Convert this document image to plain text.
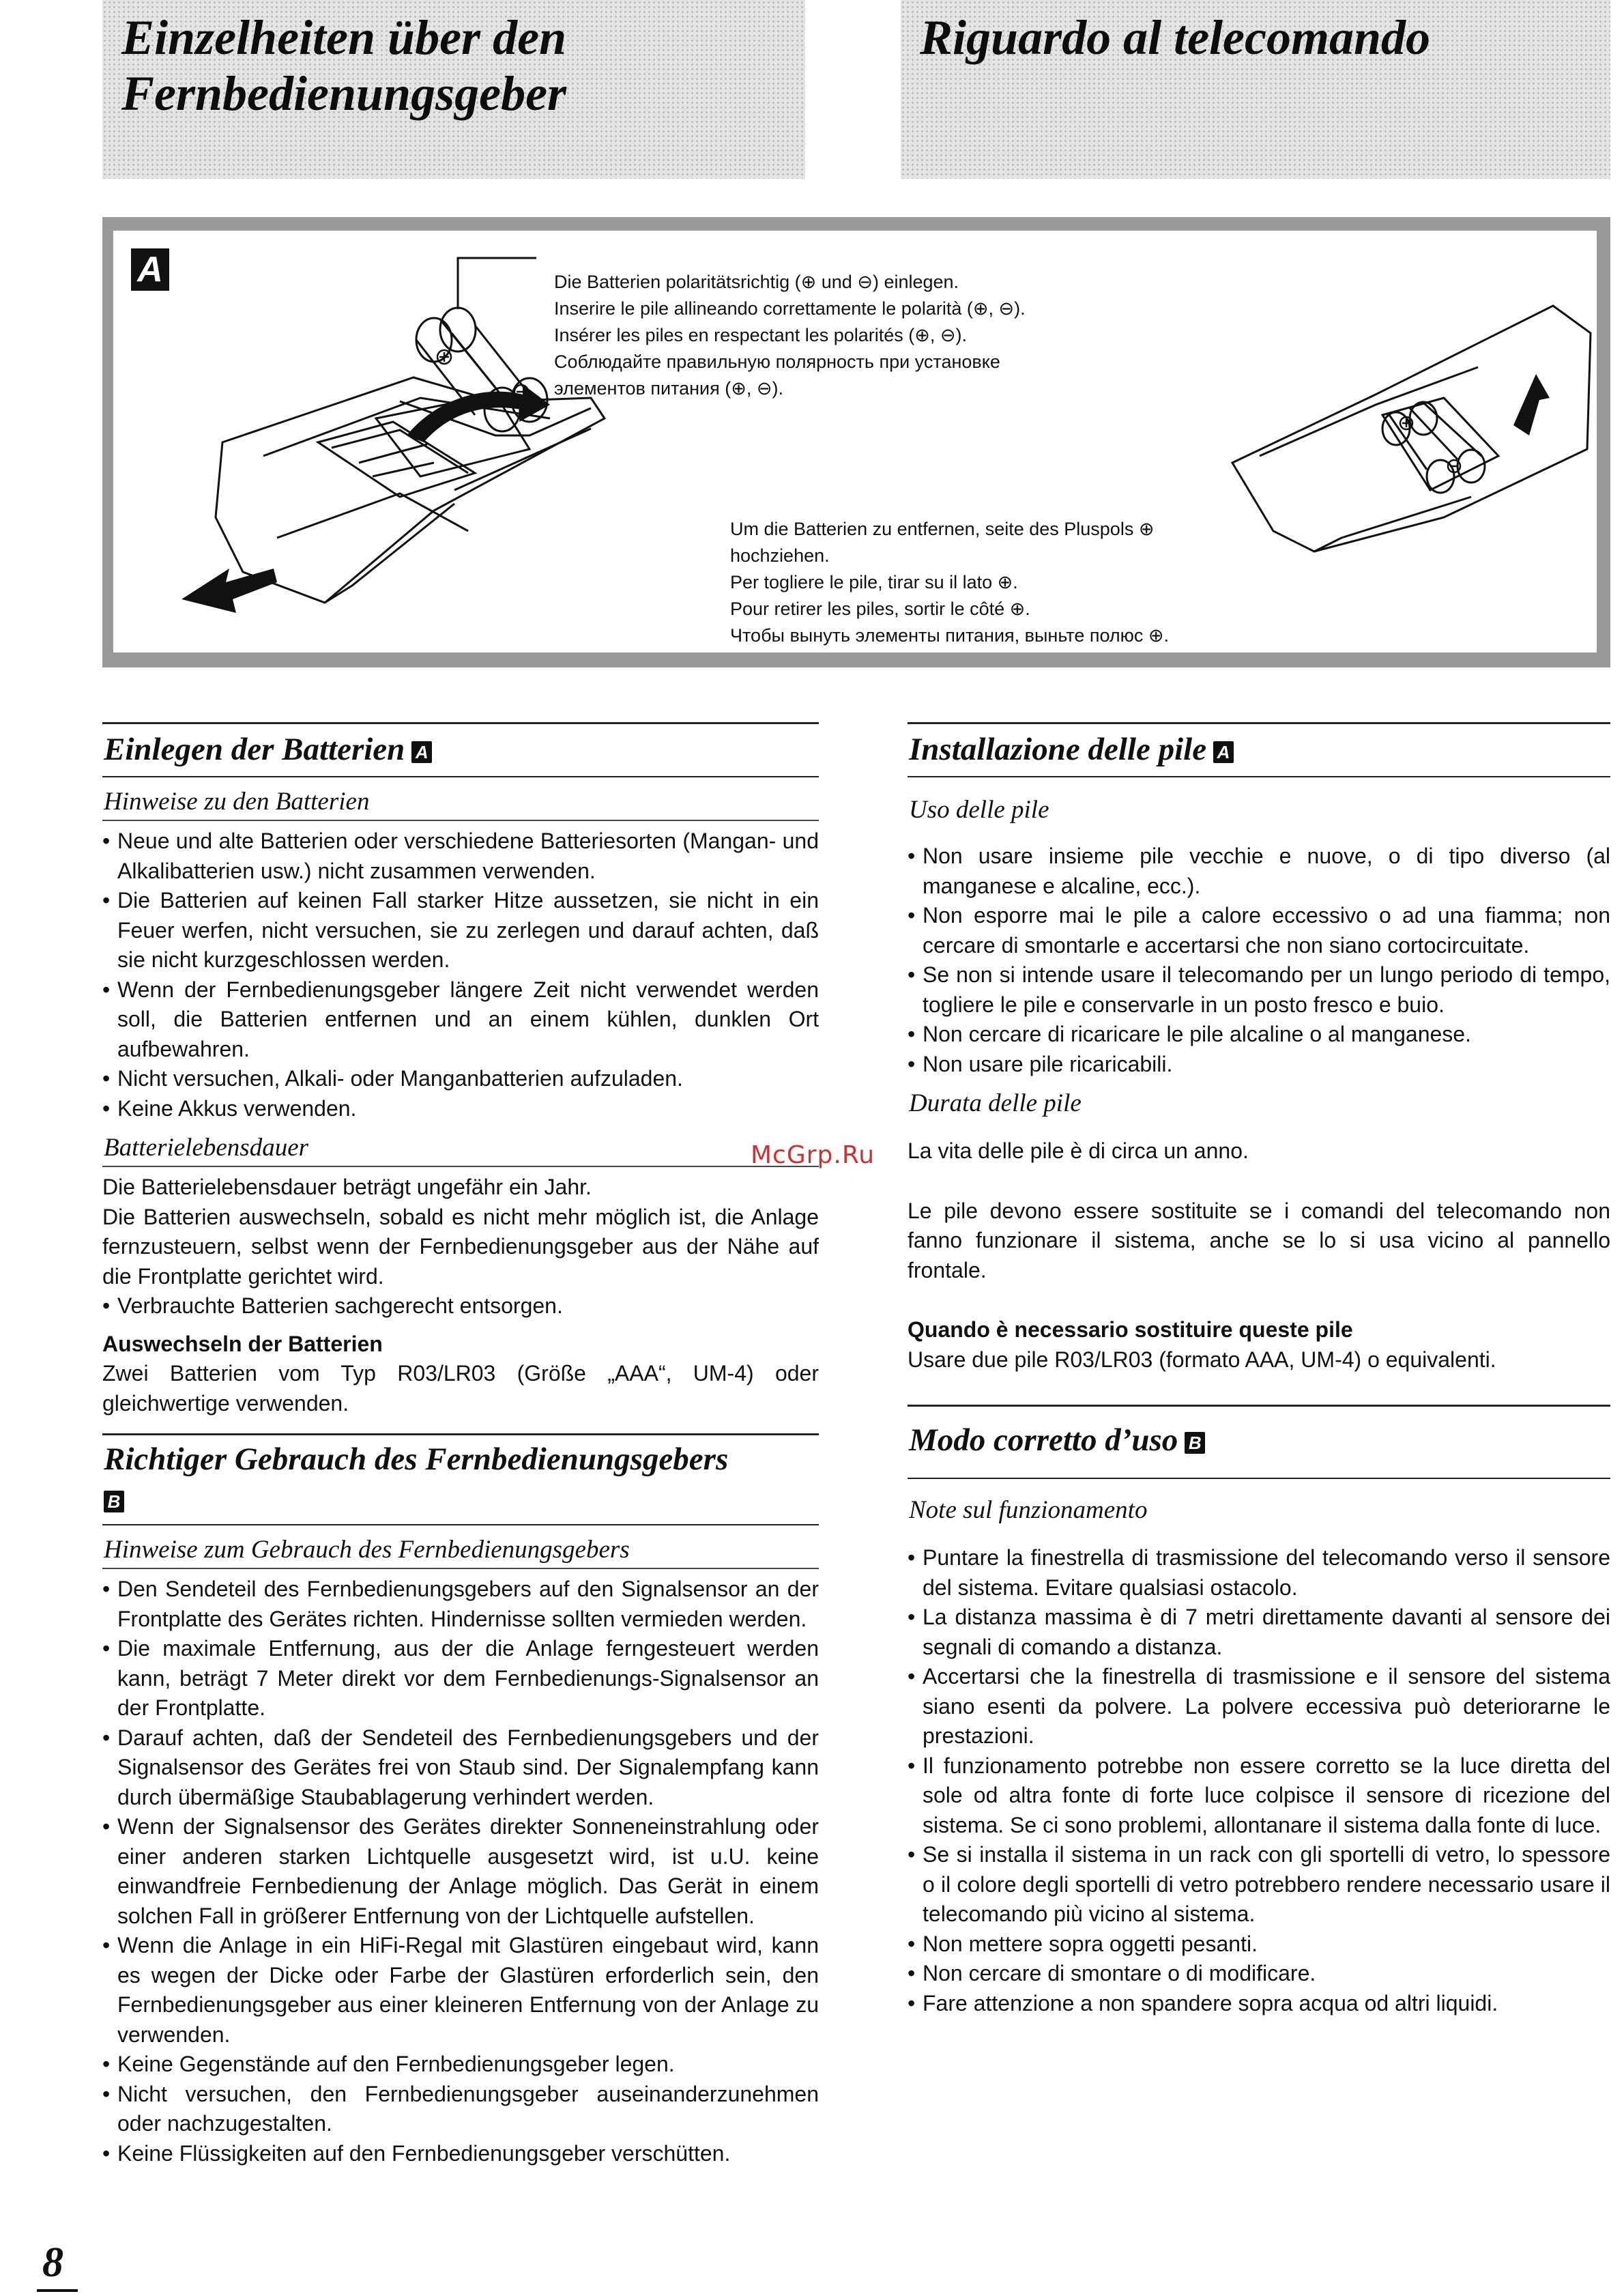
Einzelheiten über den Fernbedienungsgeber
Riguardo al telecomando
A	Die Batterien polaritätsrichtig (⊕ und ⊖) einlegen.
Inserire le pile allineando correttamente le polarità (⊕, ⊖).
Insérer les piles en respectant les polarités (⊕, ⊖).
Соблюдайте правильную полярность при установке
элементов питания (⊕, ⊖).
Um die Batterien zu entfernen, seite des Pluspols ⊕
hochziehen.
Per togliere le pile, tirar su il lato ⊕.
Pour retirer les piles, sortir le côté ⊕.
Чтобы вынуть элементы питания, выньте полюс ⊕.
Einlegen der Batterien A
Hinweise zu den Batterien
• Neue und alte Batterien oder verschiedene Batteriesorten (Mangan- und Alkalibatterien usw.) nicht zusammen verwenden.
• Die Batterien auf keinen Fall starker Hitze aussetzen, sie nicht in ein Feuer werfen, nicht versuchen, sie zu zerlegen und darauf achten, daß sie nicht kurzgeschlossen werden.
• Wenn der Fernbedienungsgeber längere Zeit nicht verwendet werden soll, die Batterien entfernen und an einem kühlen, dunklen Ort aufbewahren.
• Nicht versuchen, Alkali- oder Manganbatterien aufzuladen.
• Keine Akkus verwenden.
Batterielebensdauer

Die Batterielebensdauer beträgt ungefähr ein Jahr.

Die Batterien auswechseln, sobald es nicht mehr möglich ist, die Anlage fernzusteuern, selbst wenn der Fernbedienungsgeber aus der Nähe auf die Frontplatte gerichtet wird.

• Verbrauchte Batterien sachgerecht entsorgen.

Auswechseln der Batterien

Zwei Batterien vom Typ R03/LR03 (Größe „AAA“, UM-4) oder gleichwertige verwenden.

Richtiger Gebrauch des Fernbedienungsgebers
B
Hinweise zum Gebrauch des Fernbedienungsgebers
• Den Sendeteil des Fernbedienungsgebers auf den Signalsensor an der Frontplatte des Gerätes richten. Hindernisse sollten vermieden werden.
• Die maximale Entfernung, aus der die Anlage ferngesteuert werden kann, beträgt 7 Meter direkt vor dem Fernbedienungs-Signalsensor an der Frontplatte.
• Darauf achten, daß der Sendeteil des Fernbedienungsgebers und der Signalsensor des Gerätes frei von Staub sind. Der Signalempfang kann durch übermäßige Staubablagerung verhindert werden.
• Wenn der Signalsensor des Gerätes direkter Sonneneinstrahlung oder einer anderen starken Lichtquelle ausgesetzt wird, ist u.U. keine einwandfreie Fernbedienung der Anlage möglich. Das Gerät in einem solchen Fall in größerer Entfernung von der Lichtquelle aufstellen.
• Wenn die Anlage in ein HiFi-Regal mit Glastüren eingebaut wird, kann es wegen der Dicke oder Farbe der Glastüren erforderlich sein, den Fernbedienungsgeber aus einer kleineren Entfernung von der Anlage zu verwenden.
• Keine Gegenstände auf den Fernbedienungsgeber legen.
• Nicht versuchen, den Fernbedienungsgeber auseinanderzunehmen oder nachzugestalten.
• Keine Flüssigkeiten auf den Fernbedienungsgeber verschütten.
Installazione delle pile A
Uso delle pile
• Non usare insieme pile vecchie e nuove, o di tipo diverso (al manganese e alcaline, ecc.).
• Non esporre mai le pile a calore eccessivo o ad una fiamma; non cercare di smontarle e accertarsi che non siano cortocircuitate.
• Se non si intende usare il telecomando per un lungo periodo di tempo, togliere le pile e conservarle in un posto fresco e buio.
• Non cercare di ricaricare le pile alcaline o al manganese.
• Non usare pile ricaricabili.
Durata delle pile

La vita delle pile è di circa un anno.

Le pile devono essere sostituite se i comandi del telecomando non fanno funzionare il sistema, anche se lo si usa vicino al pannello frontale.

Quando è necessario sostituire queste pile

Usare due pile R03/LR03 (formato AAA, UM-4) o equivalenti.

Modo corretto d’uso B
Note sul funzionamento
• Puntare la finestrella di trasmissione del telecomando verso il sensore del sistema. Evitare qualsiasi ostacolo.
• La distanza massima è di 7 metri direttamente davanti al sensore dei segnali di comando a distanza.
• Accertarsi che la finestrella di trasmissione e il sensore del sistema siano esenti da polvere. La polvere eccessiva può deteriorarne le prestazioni.
• Il funzionamento potrebbe non essere corretto se la luce diretta del sole od altra fonte di forte luce colpisce il sensore di ricezione del sistema. Se ci sono problemi, allontanare il sistema dalla fonte di luce.
• Se si installa il sistema in un rack con gli sportelli di vetro, lo spessore o il colore degli sportelli di vetro potrebbero rendere necessario usare il telecomando più vicino al sistema.
• Non mettere sopra oggetti pesanti.
• Non cercare di smontare o di modificare.
• Fare attenzione a non spandere sopra acqua od altri liquidi.
McGrp.Ru
8
